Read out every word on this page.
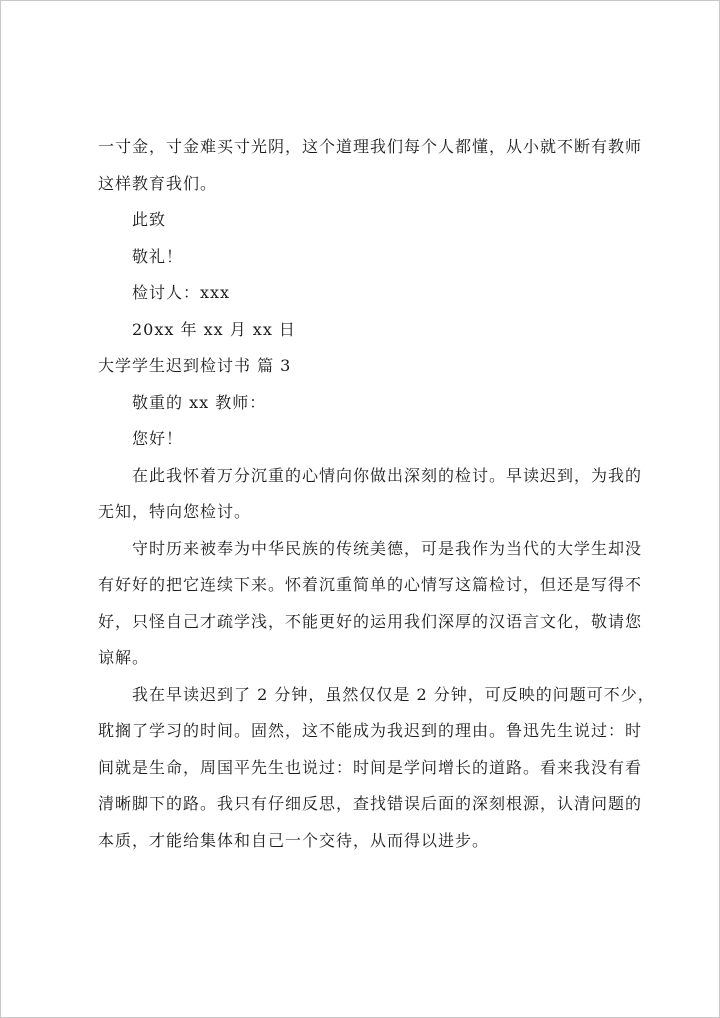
一寸金，寸金难买寸光阴，这个道理我们每个人都懂，从小就不断有教师
这样教育我们。
此致
敬礼！
检讨人：xxx
20xx 年 xx 月 xx 日
大学学生迟到检讨书 篇 3
敬重的 xx 教师：
您好！
在此我怀着万分沉重的心情向你做出深刻的检讨。早读迟到，为我的
无知，特向您检讨。
守时历来被奉为中华民族的传统美德，可是我作为当代的大学生却没
有好好的把它连续下来。怀着沉重简单的心情写这篇检讨，但还是写得不
好，只怪自己才疏学浅，不能更好的运用我们深厚的汉语言文化，敬请您
谅解。
我在早读迟到了 2 分钟，虽然仅仅是 2 分钟，可反映的问题可不少，
耽搁了学习的时间。固然，这不能成为我迟到的理由。鲁迅先生说过：时
间就是生命，周国平先生也说过：时间是学问增长的道路。看来我没有看
清晰脚下的路。我只有仔细反思，查找错误后面的深刻根源，认清问题的
本质，才能给集体和自己一个交待，从而得以进步。
